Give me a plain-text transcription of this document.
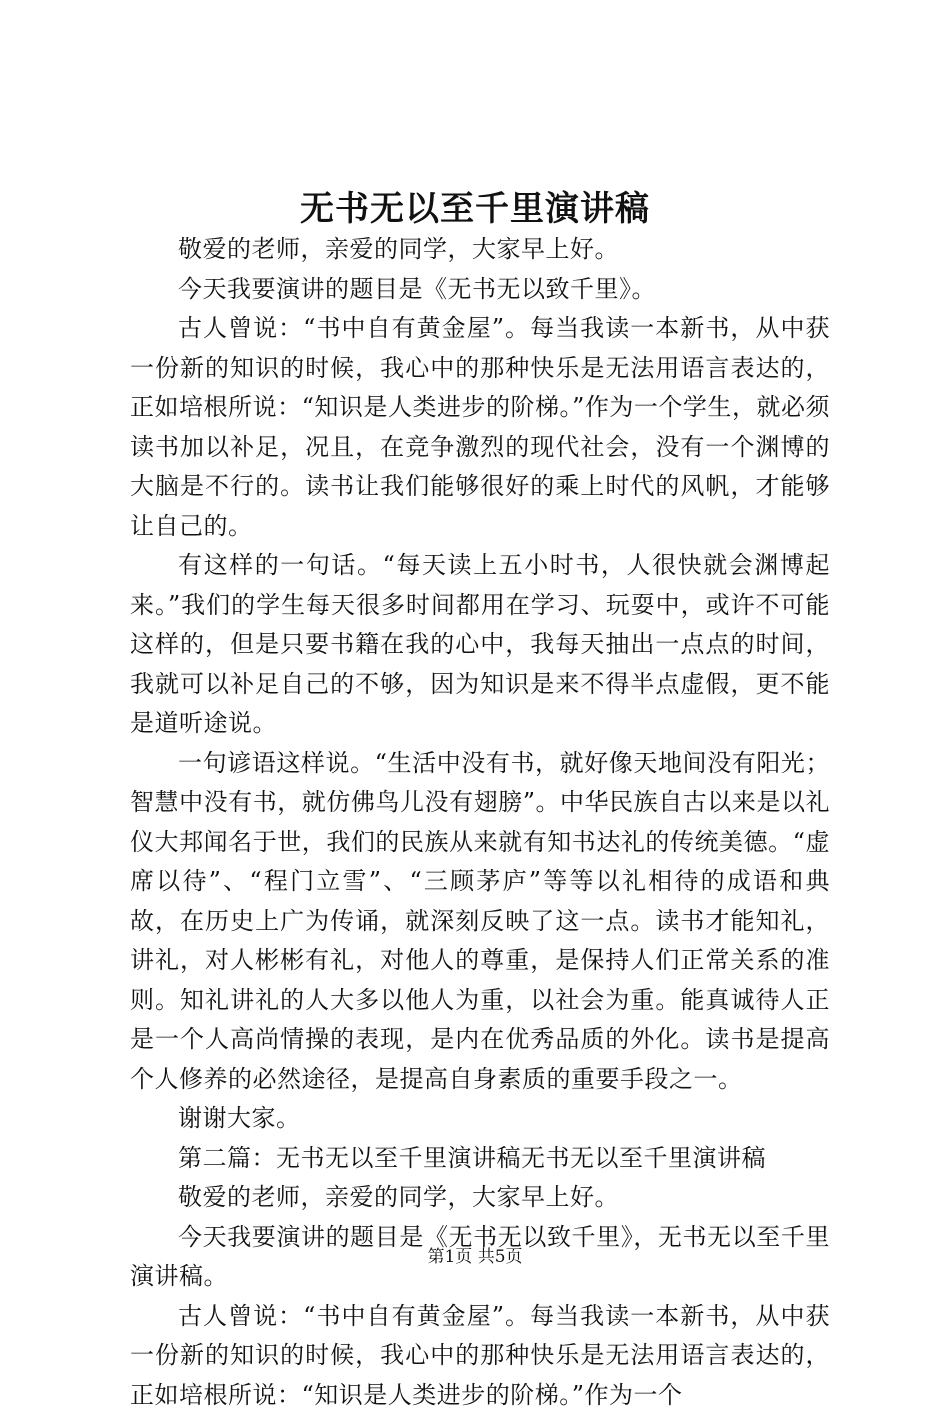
无书无以至千里演讲稿

敬爱的老师，亲爱的同学，大家早上好。

今天我要演讲的题目是《无书无以致千里》。

古人曾说：“书中自有黄金屋”。每当我读一本新书，从中获一份新的知识的时候，我心中的那种快乐是无法用语言表达的，正如培根所说：“知识是人类进步的阶梯。”作为一个学生，就必须读书加以补足，况且，在竞争激烈的现代社会，没有一个渊博的大脑是不行的。读书让我们能够很好的乘上时代的风帆，才能够让自己的。

有这样的一句话。“每天读上五小时书，人很快就会渊博起来。”我们的学生每天很多时间都用在学习、玩耍中，或许不可能这样的，但是只要书籍在我的心中，我每天抽出一点点的时间，我就可以补足自己的不够，因为知识是来不得半点虚假，更不能是道听途说。

一句谚语这样说。“生活中没有书，就好像天地间没有阳光；智慧中没有书，就仿佛鸟儿没有翅膀”。中华民族自古以来是以礼仪大邦闻名于世，我们的民族从来就有知书达礼的传统美德。“虚席以待”、“程门立雪”、“三顾茅庐”等等以礼相待的成语和典故，在历史上广为传诵，就深刻反映了这一点。读书才能知礼，讲礼，对人彬彬有礼，对他人的尊重，是保持人们正常关系的准则。知礼讲礼的人大多以他人为重，以社会为重。能真诚待人正是一个人高尚情操的表现，是内在优秀品质的外化。读书是提高个人修养的必然途径，是提高自身素质的重要手段之一。

谢谢大家。

第二篇：无书无以至千里演讲稿无书无以至千里演讲稿

敬爱的老师，亲爱的同学，大家早上好。

今天我要演讲的题目是《无书无以致千里》，无书无以至千里演讲稿。

古人曾说：“书中自有黄金屋”。每当我读一本新书，从中获一份新的知识的时候，我心中的那种快乐是无法用语言表达的，正如培根所说：“知识是人类进步的阶梯。”作为一个

第1页 共5页
